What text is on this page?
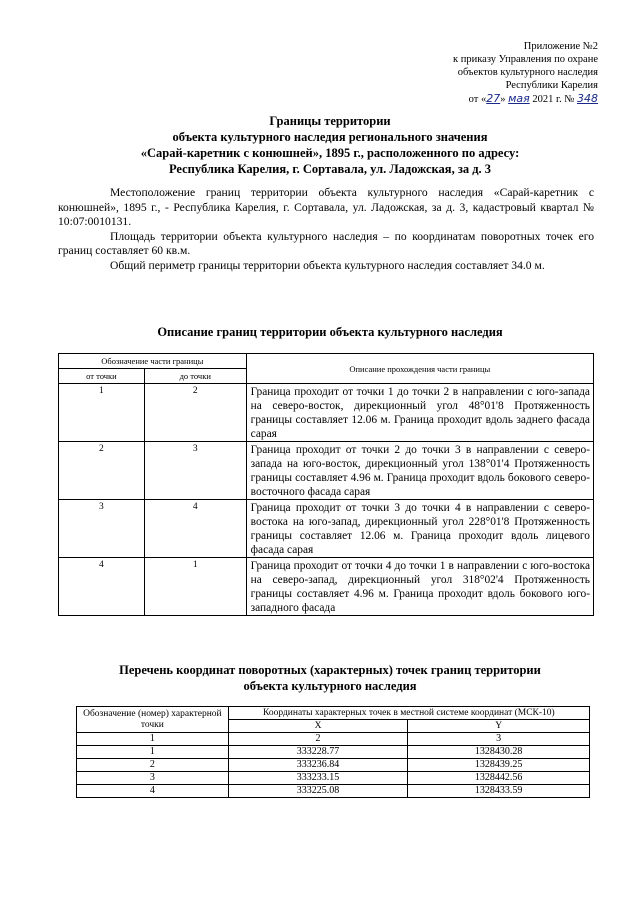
Приложение №2
к приказу Управления по охране
объектов культурного наследия
Республики Карелия
от «27» мая 2021 г. № 348
Границы территории
объекта культурного наследия регионального значения
«Сарай-каретник с конюшней», 1895 г., расположенного по адресу:
Республика Карелия, г. Сортавала, ул. Ладожская, за д. 3

Местоположение границ территории объекта культурного наследия «Сарай-каретник с конюшней», 1895 г., - Республика Карелия, г. Сортавала, ул. Ладожская, за д. 3, кадастровый квартал № 10:07:0010131.

Площадь территории объекта культурного наследия – по координатам поворотных точек его границ составляет 60 кв.м.

Общий периметр границы территории объекта культурного наследия составляет 34.0 м.

Описание границ территории объекта культурного наследия
Обозначение части границы		Описание прохождения части границы
от точки	до точки	
1	2	Граница проходит от точки 1 до точки 2 в направлении с юго-запада на северо-восток, дирекционный угол 48°01'8 Протяженность границы составляет 12.06 м. Граница проходит вдоль заднего фасада сарая
2	3	Граница проходит от точки 2 до точки 3 в направлении с северо-запада на юго-восток, дирекционный угол 138°01'4 Протяженность границы составляет 4.96 м. Граница проходит вдоль бокового северо-восточного фасада сарая
3	4	Граница проходит от точки 3 до точки 4 в направлении с северо-востока на юго-запад, дирекционный угол 228°01'8 Протяженность границы составляет 12.06 м. Граница проходит вдоль лицевого фасада сарая
4	1	Граница проходит от точки 4 до точки 1 в направлении с юго-востока на северо-запад, дирекционный угол 318°02'4 Протяженность границы составляет 4.96 м. Граница проходит вдоль бокового юго-западного фасада
Перечень координат поворотных (характерных) точек границ территории
объекта культурного наследия
Обозначение (номер) характерной точки	Координаты характерных точек в местной системе координат (МСК-10)	
	X	Y
1	2	3
1	333228.77	1328430.28
2	333236.84	1328439.25
3	333233.15	1328442.56
4	333225.08	1328433.59
